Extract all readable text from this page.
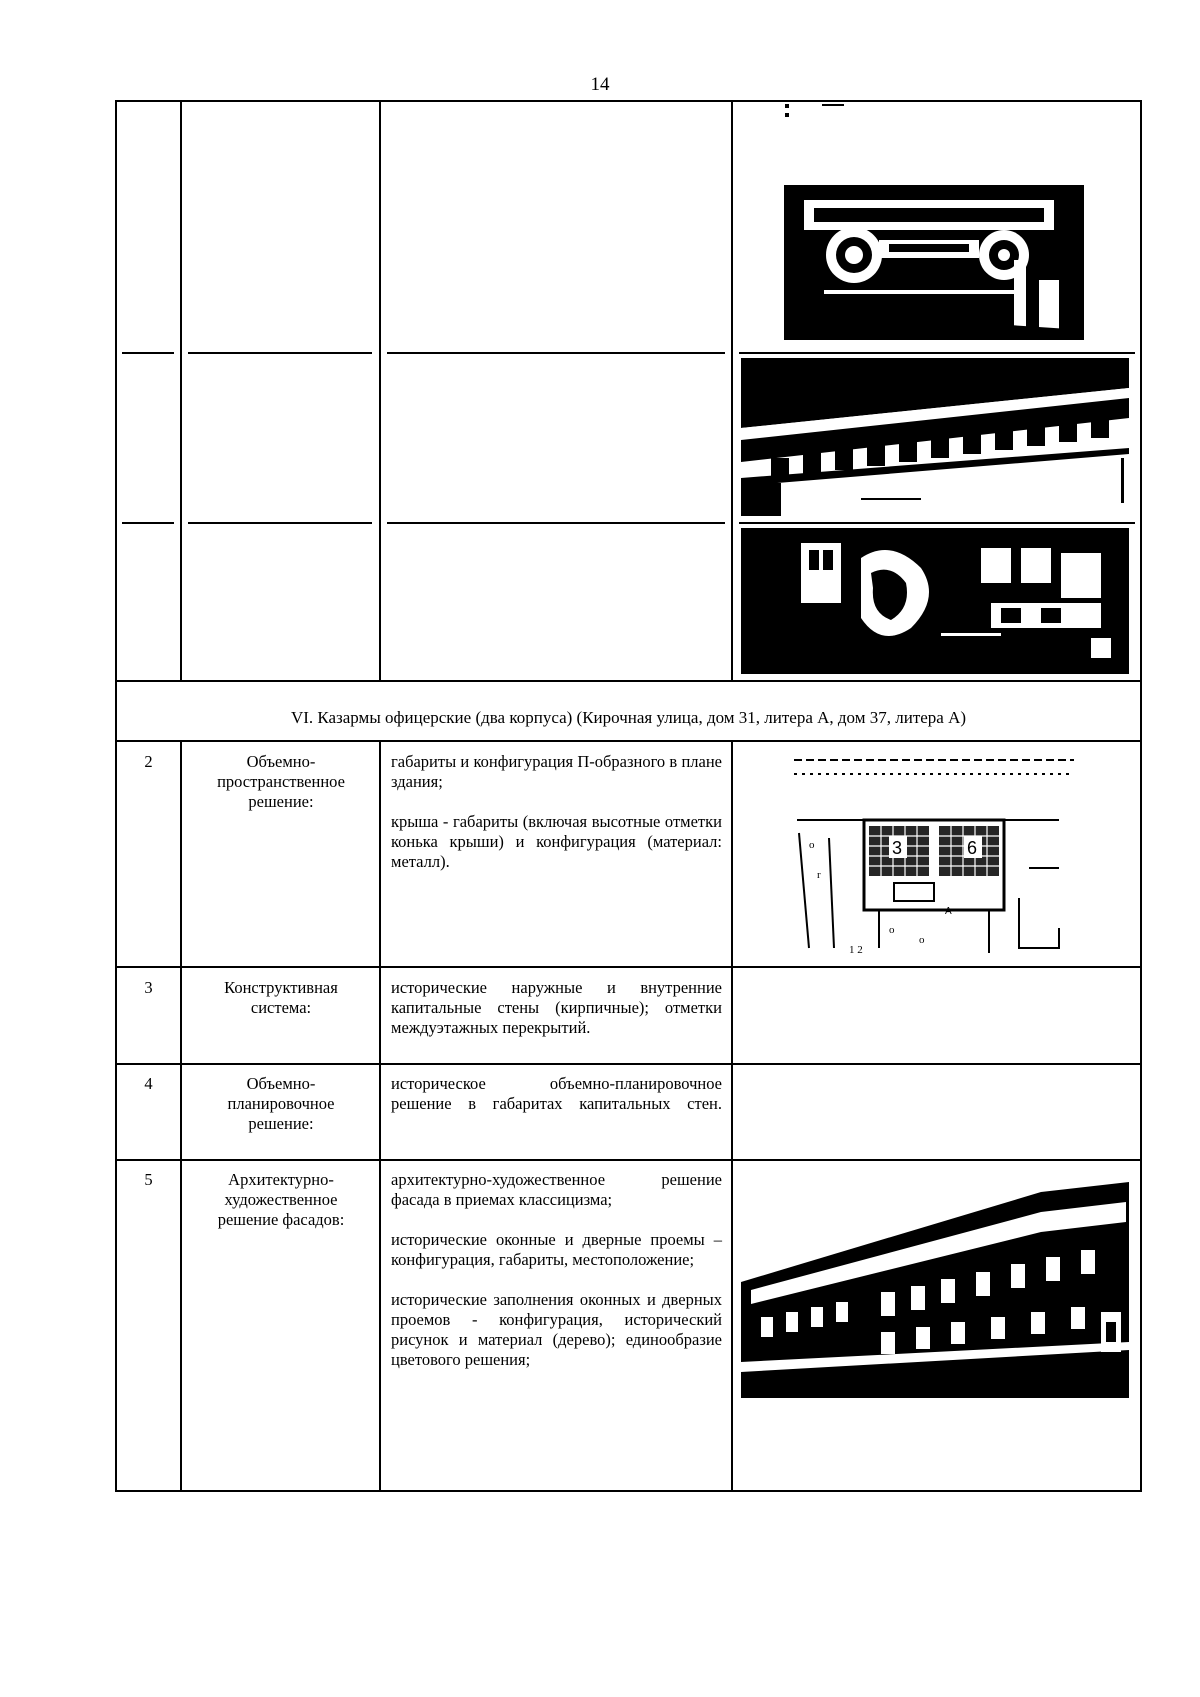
14
VI. Казармы офицерские (два корпуса) (Кирочная улица, дом 31, литера А, дом 37, литера А)
2	Объемно-пространственное решение:

габариты и конфигурация П-образного в плане здания;

крыша - габариты (включая высотные отметки конька крыши) и конфигурация (материал: металл).

o
r
o
o
1 2
3	6
А
3	Конструктивная система:
исторические наружные и внутренние капитальные стены (кирпичные); отметки междуэтажных перекрытий.
4	Объемно-планировочное решение:
историческое объемно-планировочное решение в габаритах капитальных стен.
5	Архитектурно-художественное решение фасадов:

архитектурно-художественное решение фасада в приемах классицизма;

исторические оконные и дверные проемы – конфигурация, габариты, местоположение;

исторические заполнения оконных и дверных проемов - конфигурация, исторический рисунок и материал (дерево); единообразие цветового решения;
